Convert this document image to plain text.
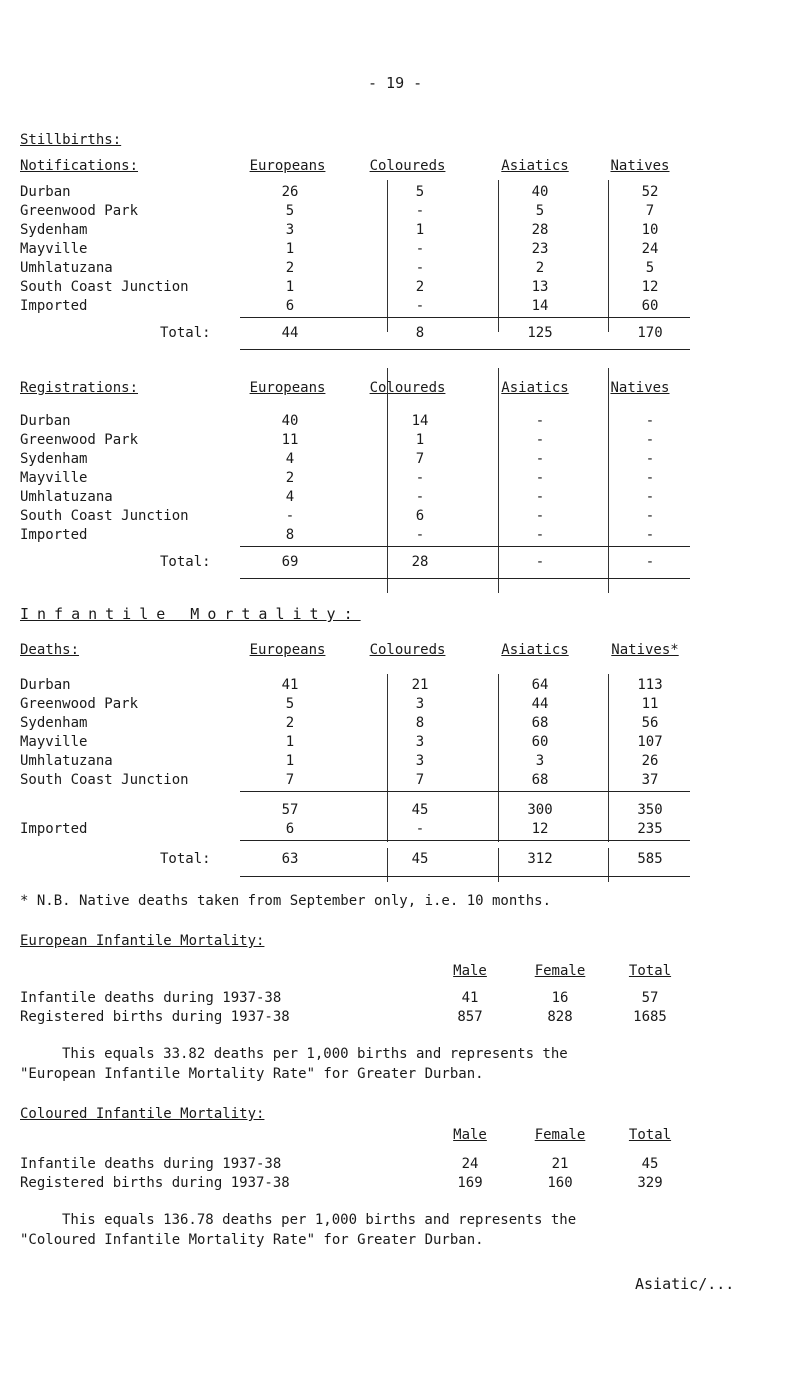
- 19 -
Stillbirths:
Notifications:	Europeans	Coloureds	Asiatics	Natives
Durban	26	5	40	52
Greenwood Park	5	-	5	7
Sydenham	3	1	28	10
Mayville	1	-	23	24
Umhlatuzana	2	-	2	5
South Coast Junction	1	2	13	12
Imported	6	-	14	60
Total:	44	8	125	170
Registrations:	Europeans	Coloureds	Asiatics	Natives
Durban	40	14	-	-
Greenwood Park	11	1	-	-
Sydenham	4	7	-	-
Mayville	2	-	-	-
Umhlatuzana	4	-	-	-
South Coast Junction	-	6	-	-
Imported	8	-	-	-
Total:	69	28	-	-
Infantile Mortality:
Deaths:	Europeans	Coloureds	Asiatics	Natives*
Durban	41	21	64	113
Greenwood Park	5	3	44	11
Sydenham	2	8	68	56
Mayville	1	3	60	107
Umhlatuzana	1	3	3	26
South Coast Junction	7	7	68	37
57	45	300	350
Imported	6	-	12	235
Total:	63	45	312	585
* N.B. Native deaths taken from September only, i.e. 10 months.
European Infantile Mortality:
Male	Female	Total
Infantile deaths during 1937-38	41	16	57
Registered births during 1937-38	857	828	1685
This equals 33.82 deaths per 1,000 births and represents the
"European Infantile Mortality Rate" for Greater Durban.
Coloured Infantile Mortality:
Male	Female	Total
Infantile deaths during 1937-38	24	21	45
Registered births during 1937-38	169	160	329
This equals 136.78 deaths per 1,000 births and represents the
"Coloured Infantile Mortality Rate" for Greater Durban.
Asiatic/...
